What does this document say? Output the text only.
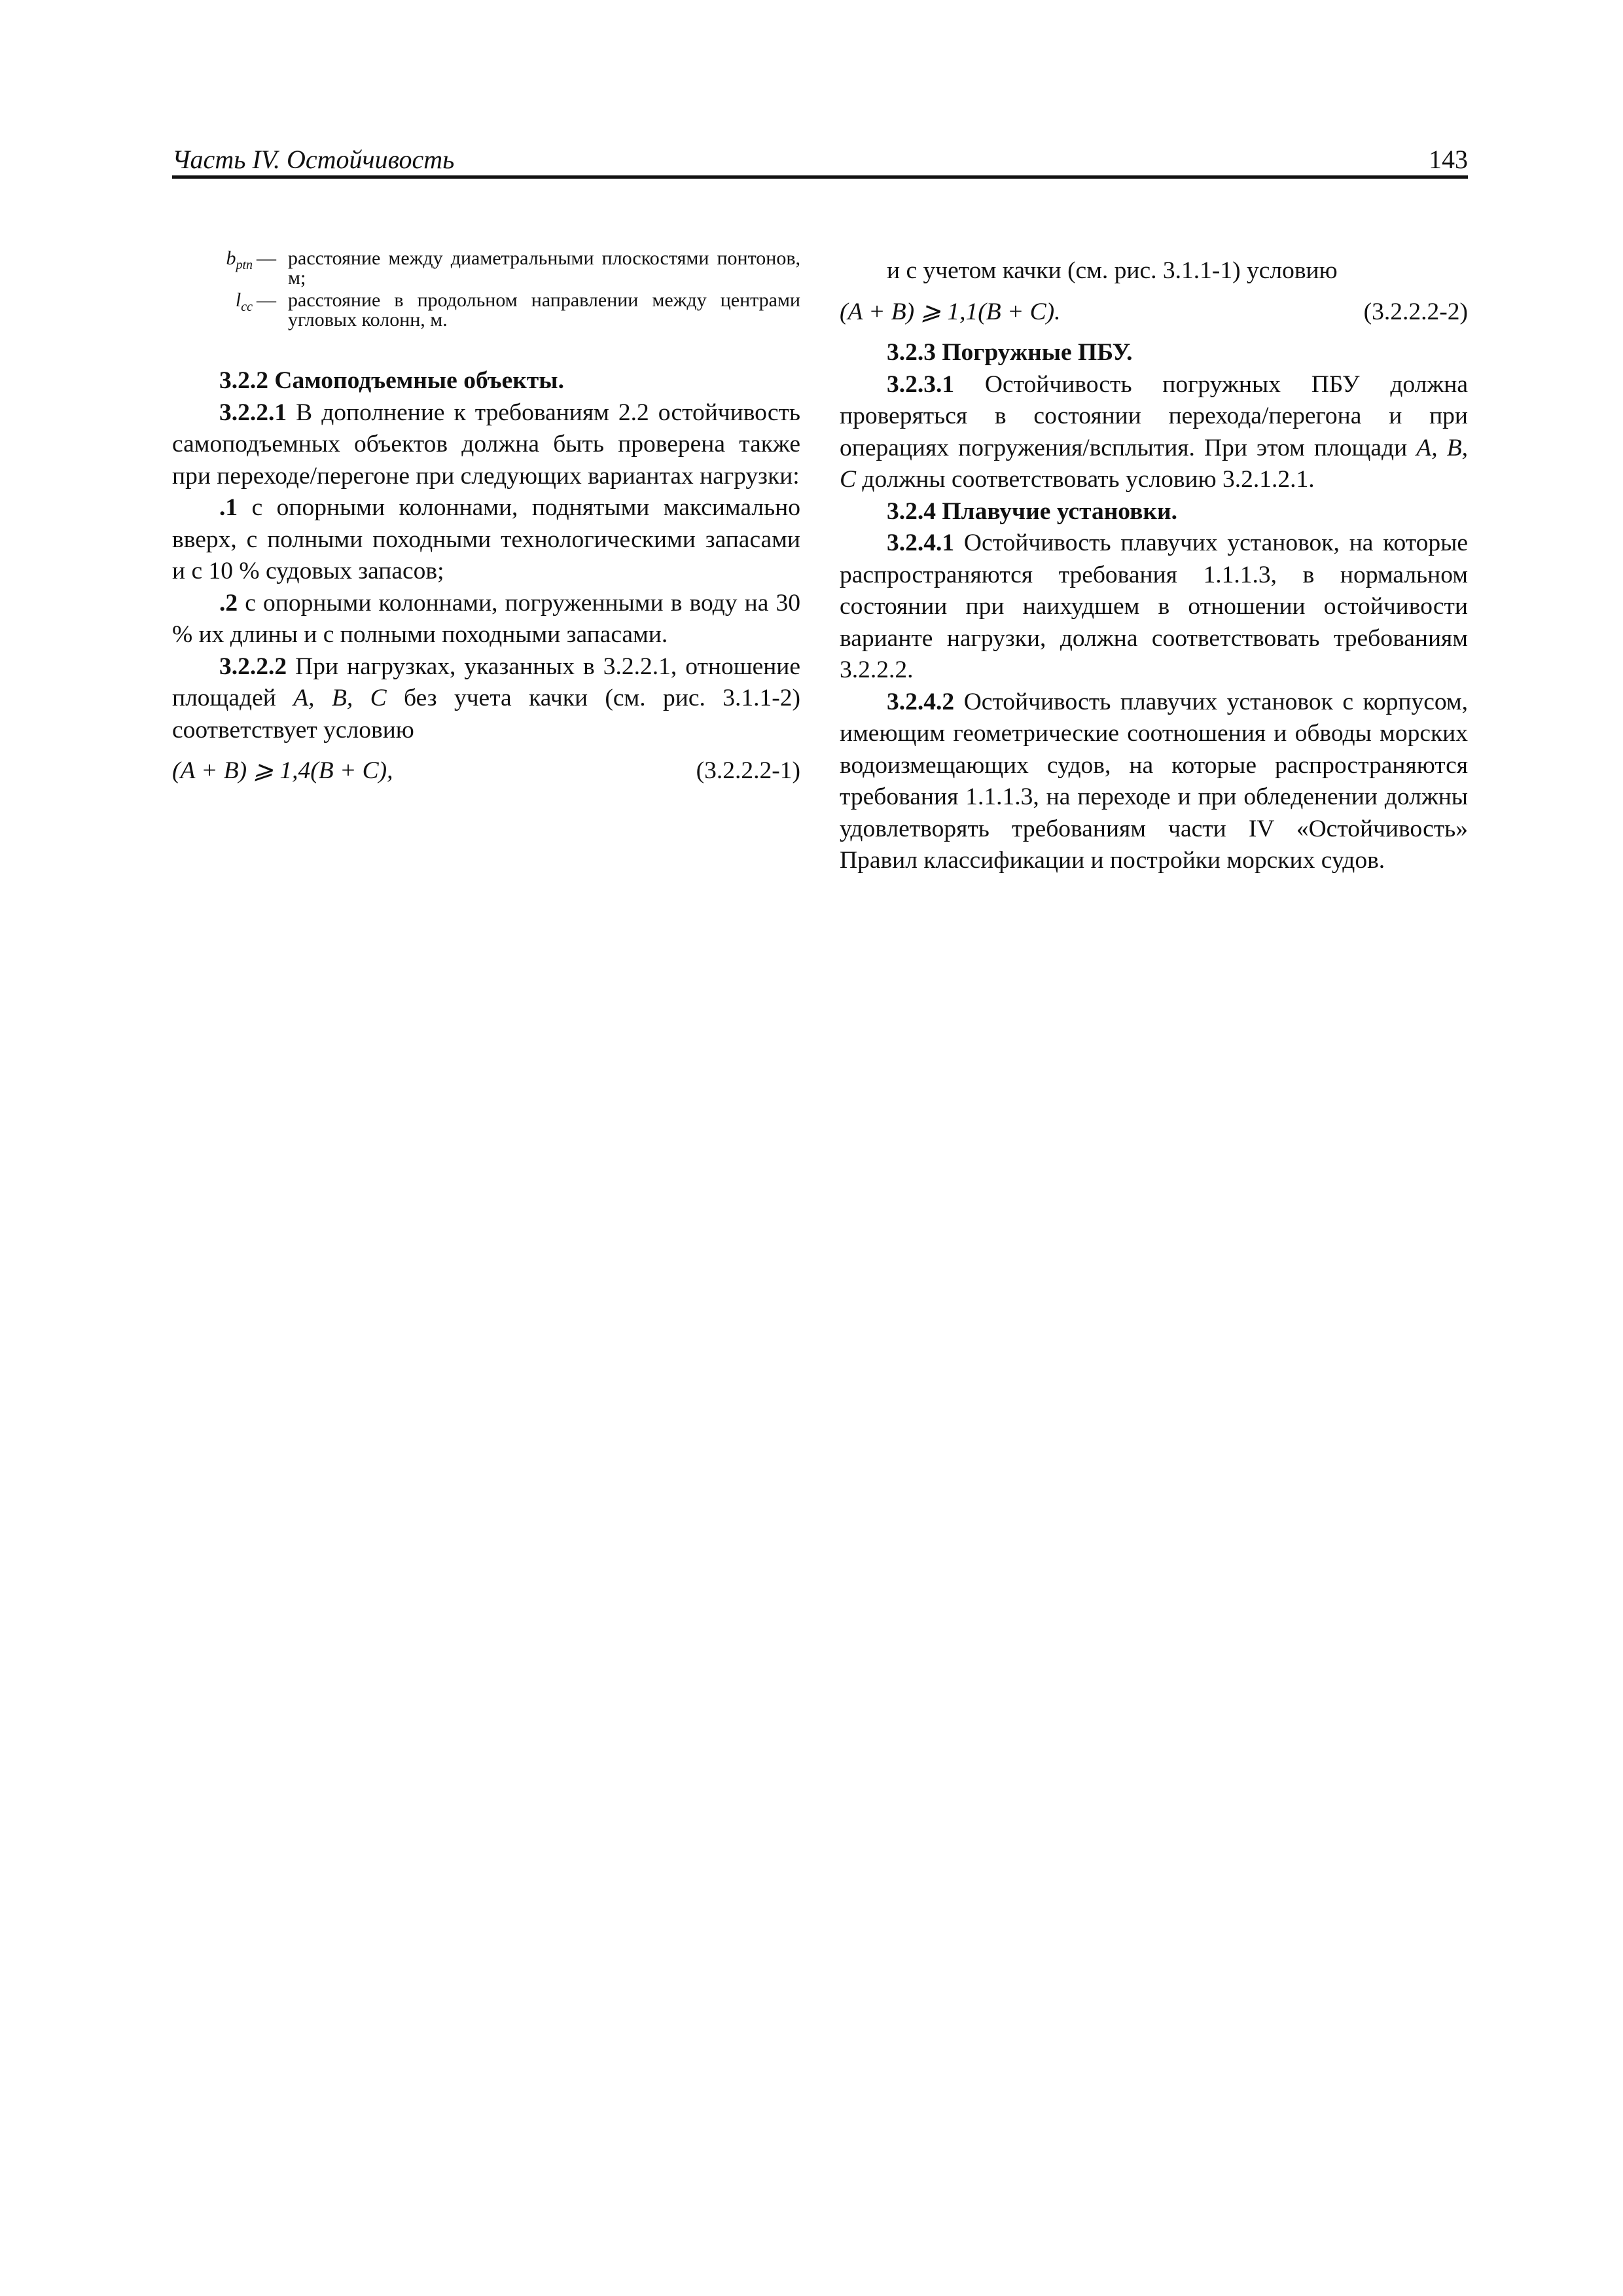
Часть IV. Остойчивость	143
$b_{ptn}$ — расстояние между диаметральными плоскостями понтонов, м;
$l_{cc}$ — расстояние в продольном направлении между центрами угловых колонн, м.

3.2.2 Самоподъемные объекты.

3.2.2.1 В дополнение к требованиям 2.2 остойчивость самоподъемных объектов должна быть проверена также при переходе/перегоне при следующих вариантах нагрузки:

.1 с опорными колоннами, поднятыми максимально вверх, с полными походными технологическими запасами и с 10 % судовых запасов;

.2 с опорными колоннами, погруженными в воду на 30 % их длины и с полными походными запасами.

3.2.2.2 При нагрузках, указанных в 3.2.2.1, отношение площадей A, B, C без учета качки (см. рис. 3.1.1-2) соответствует условию

(A + B) ⩾ 1,4(B + C),	(3.2.2.2-1)

и с учетом качки (см. рис. 3.1.1-1) условию

(A + B) ⩾ 1,1(B + C).	(3.2.2.2-2)

3.2.3 Погружные ПБУ.

3.2.3.1 Остойчивость погружных ПБУ должна проверяться в состоянии перехода/перегона и при операциях погружения/всплытия. При этом площади A, B, C должны соответствовать условию 3.2.1.2.1.

3.2.4 Плавучие установки.

3.2.4.1 Остойчивость плавучих установок, на которые распространяются требования 1.1.1.3, в нормальном состоянии при наихудшем в отношении остойчивости варианте нагрузки, должна соответствовать требованиям 3.2.2.2.

3.2.4.2 Остойчивость плавучих установок с корпусом, имеющим геометрические соотношения и обводы морских водоизмещающих судов, на которые распространяются требования 1.1.1.3, на переходе и при обледенении должны удовлетворять требованиям части IV «Остойчивость» Правил классификации и постройки морских судов.
